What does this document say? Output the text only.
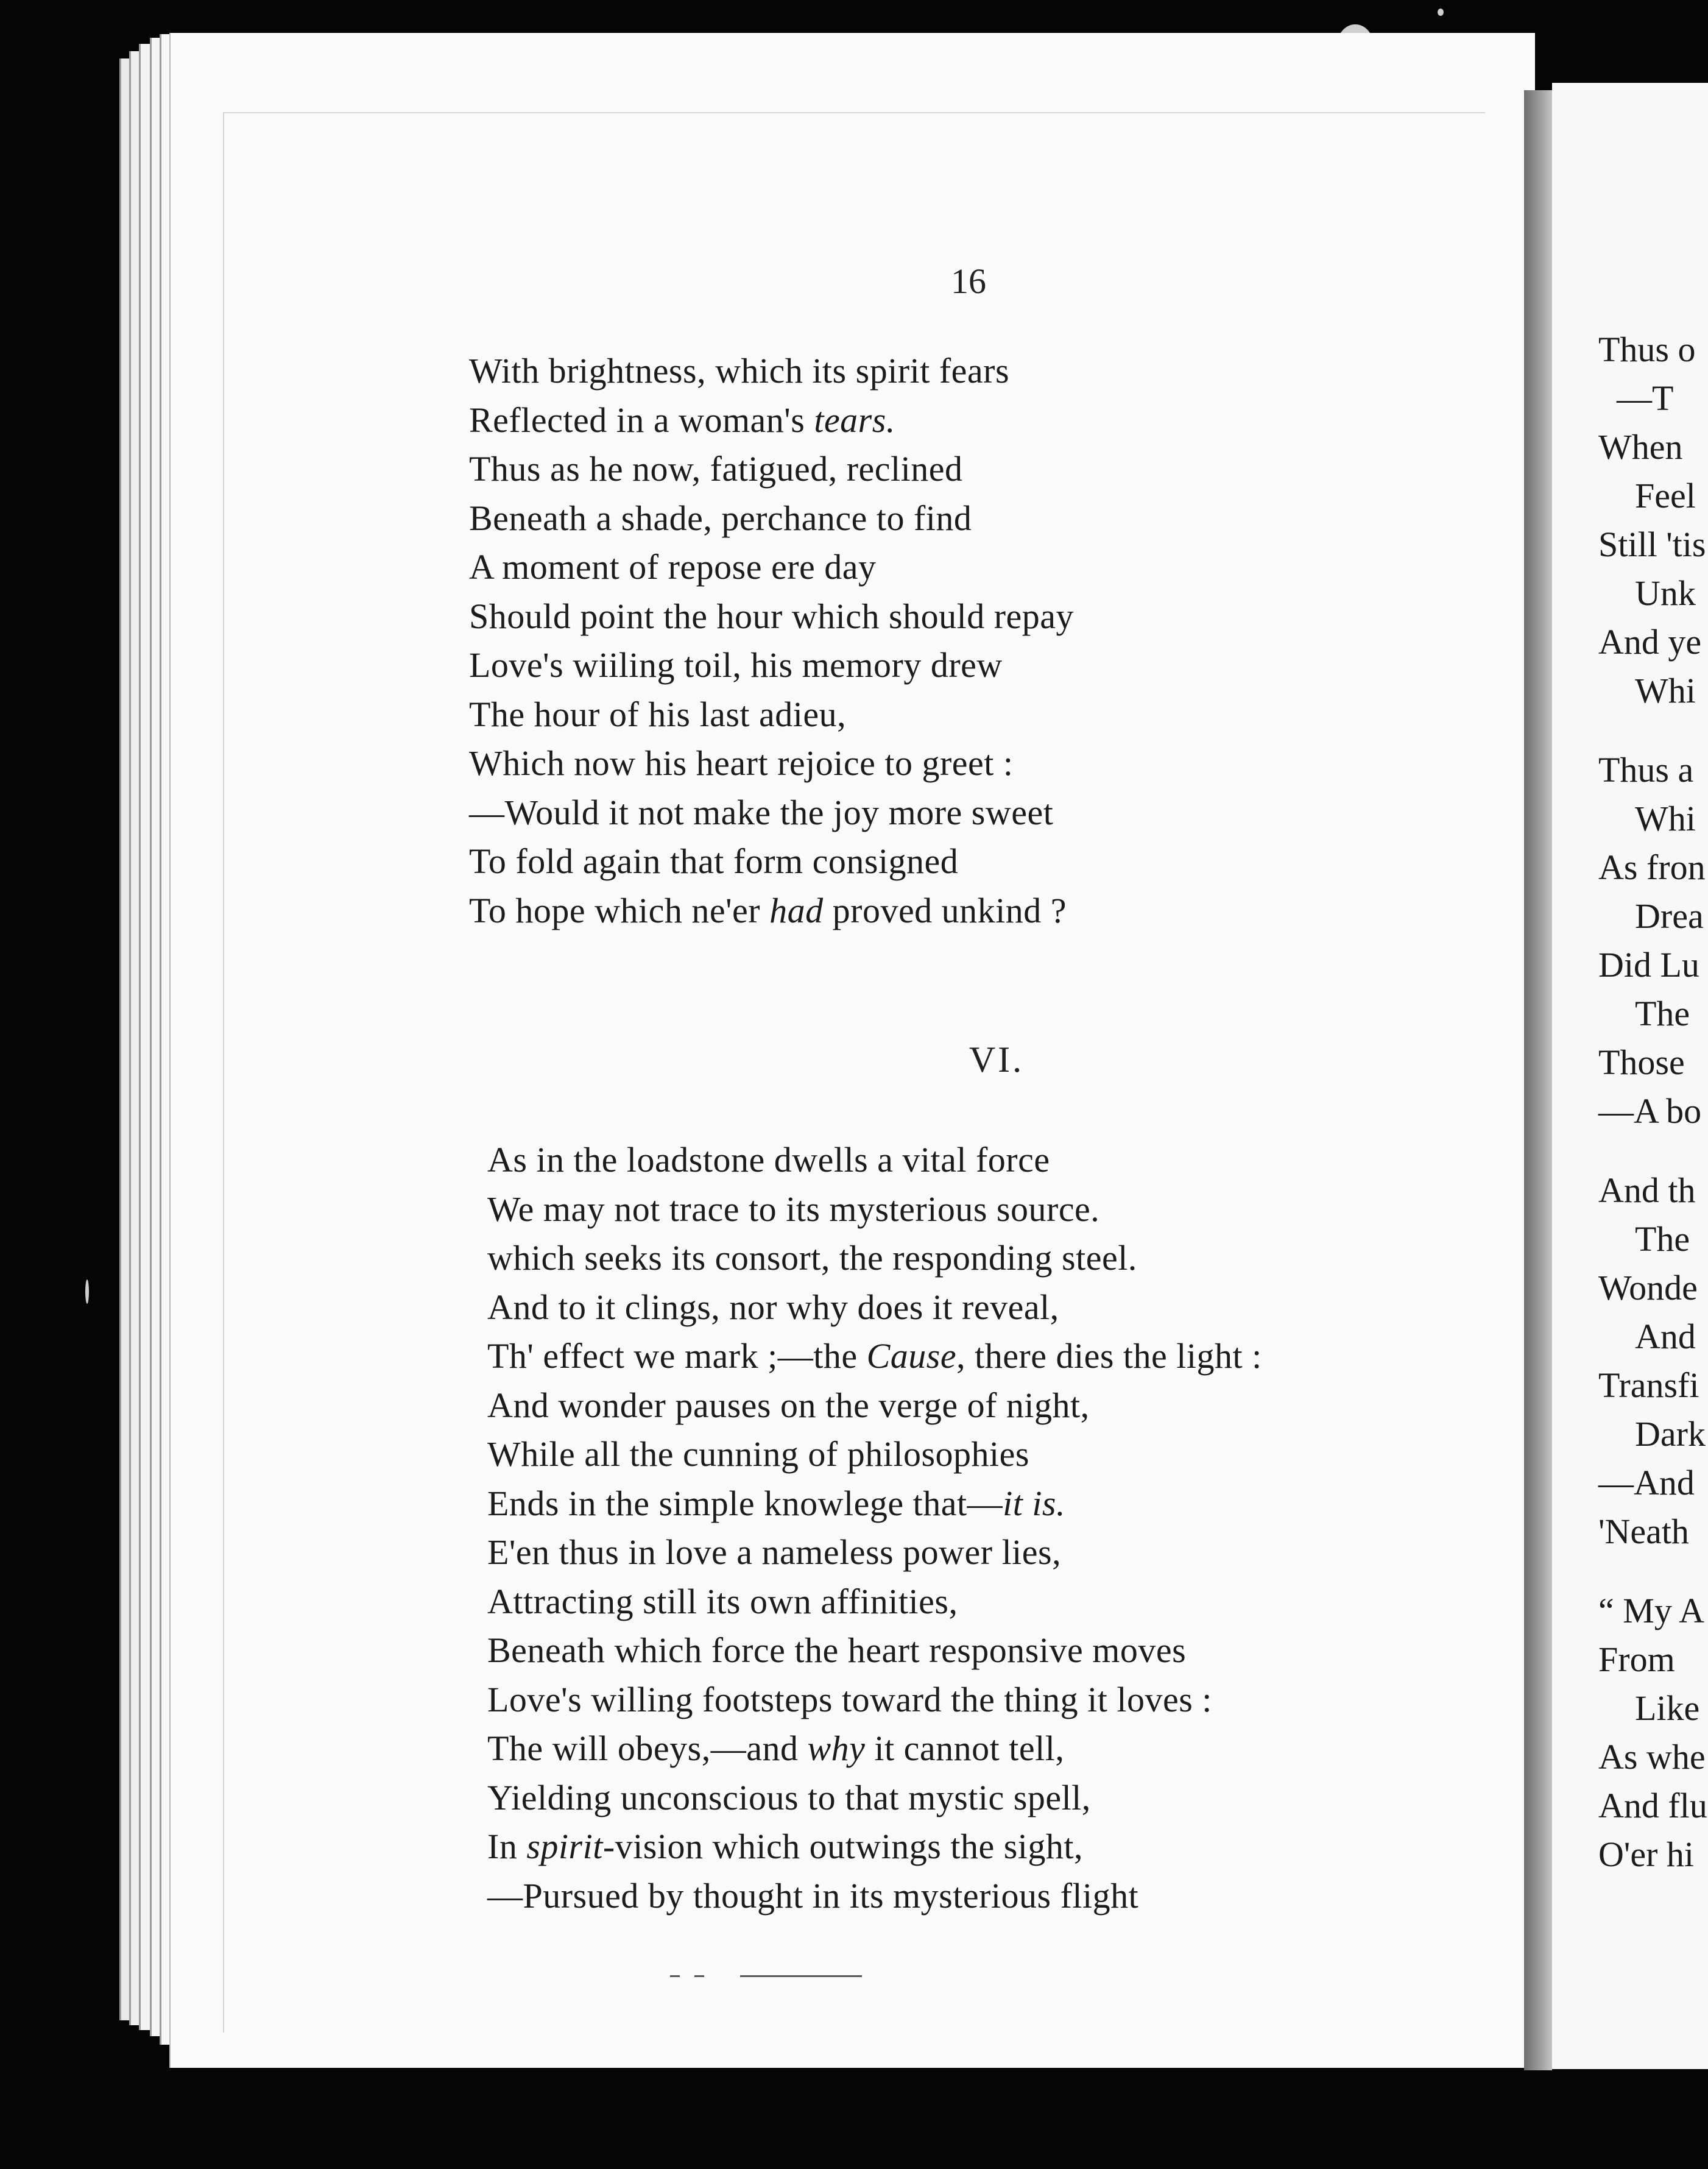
16
With brightness, which its spirit fears
Reflected in a woman's tears.
Thus as he now, fatigued, reclined
Beneath a shade, perchance to find
A moment of repose ere day
Should point the hour which should repay
Love's wiiling toil, his memory drew
The hour of his last adieu,
Which now his heart rejoice to greet :
—Would it not make the joy more sweet
To fold again that form consigned
To hope which ne'er had proved unkind ?
VI.
As in the loadstone dwells a vital force
We may not trace to its mysterious source.
which seeks its consort, the responding steel.
And to it clings, nor why does it reveal,
Th' effect we mark ;—the Cause, there dies the light :
And wonder pauses on the verge of night,
While all the cunning of philosophies
Ends in the simple knowlege that—it is.
E'en thus in love a nameless power lies,
Attracting still its own affinities,
Beneath which force the heart responsive moves
Love's willing footsteps toward the thing it loves :
The will obeys,—and why it cannot tell,
Yielding unconscious to that mystic spell,
In spirit-vision which outwings the sight,
—Pursued by thought in its mysterious flight
Thus o
—T
When
Feel
Still 'tis
Unk
And ye
Whi
Thus a
Whi
As fron
Drea
Did Lu
The
Those
—A bo
And th
The
Wonde
And
Transfi
Dark
—And
'Neath
“ My A
From
Like
As whe
And flu
O'er hi
